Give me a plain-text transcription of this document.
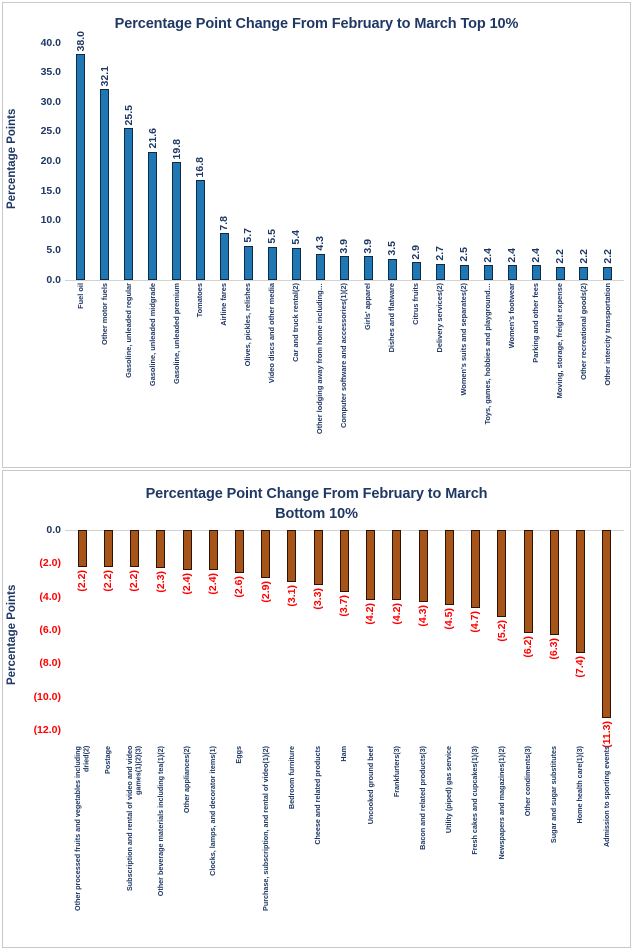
Percentage Point Change From February to March Top 10%
Percentage Points
0.0
5.0
10.0
15.0
20.0
25.0
30.0
35.0
40.0 38.0
32.1
25.5
21.6
19.8
16.8
7.8
5.7 5.5 5.4 4.3 3.9 3.9 3.5 2.9 2.7 2.5 2.4 2.4 2.4 2.2 2.2 2.2
Fuel oil Other motor fuels Gasoline, unleaded regular Gasoline, unleaded midgrade Gasoline, unleaded premium Tomatoes Airline fares Olives, pickles, relishes Video discs and other media Car and truck rental(2) Other lodging away from home including… Computer software and accessories(1)(2) Girls' apparel Dishes and flatware Citrus fruits Delivery services(2) Women's suits and separates(2) Toys, games, hobbies and playground… Women's footwear Parking and other fees Moving, storage, freight expense Other recreational goods(2) Other intercity transportation
Percentage Point Change From February to March
Bottom 10%
Percentage Points
0.0
(2.0)
(4.0)
(6.0)
(8.0)
(10.0)
(12.0)
(2.2) (2.2) (2.2) (2.3) (2.4) (2.4) (2.6) (2.9) (3.1) (3.3) (3.7) (4.2) (4.2) (4.3) (4.5) (4.7) (5.2)
(6.2) (6.3)
(7.4)
(11.3)
Other processed fruits and vegetables including dried(2) Postage Subscription and rental of video and video games(1)(2)(3) Other beverage materials including tea(1)(2) Other appliances(2) Clocks, lamps, and decorator items(1) Eggs Purchase, subscription, and rental of video(1)(2) Bedroom furniture Cheese and related products Ham Uncooked ground beef Frankfurters(3) Bacon and related products(3) Utility (piped) gas service Fresh cakes and cupcakes(1)(3) Newspapers and magazines(1)(2) Other condiments(3) Sugar and sugar substitutes Home health care(1)(3) Admission to sporting events
